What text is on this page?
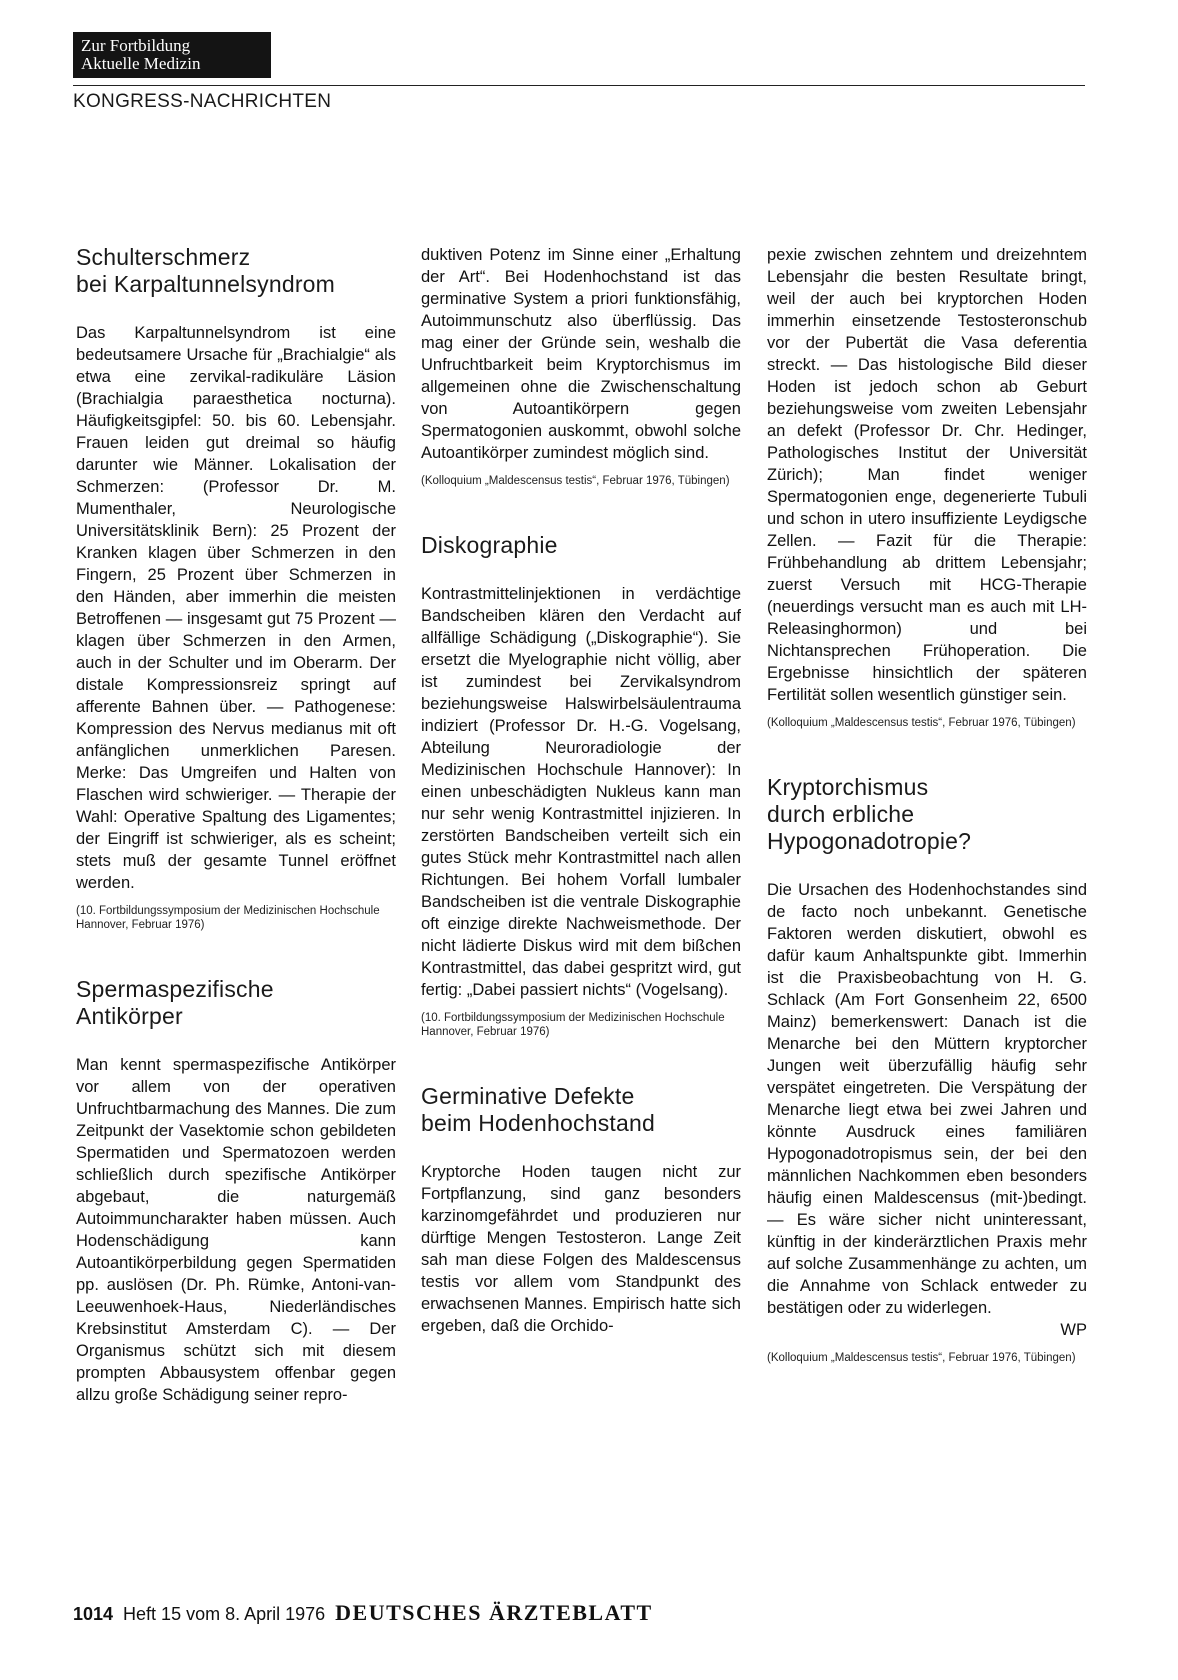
Zur Fortbildung
Aktuelle Medizin
KONGRESS-NACHRICHTEN
Schulterschmerz
bei Karpaltunnelsyndrom

Das Karpaltunnelsyndrom ist eine bedeutsamere Ursache für „Brachialgie“ als etwa eine zervikal-radikuläre Läsion (Brachialgia paraesthetica nocturna). Häufigkeitsgipfel: 50. bis 60. Lebensjahr. Frauen leiden gut dreimal so häufig darunter wie Männer. Lokalisation der Schmerzen: (Professor Dr. M. Mumenthaler, Neurologische Universitätsklinik Bern): 25 Prozent der Kranken klagen über Schmerzen in den Fingern, 25 Prozent über Schmerzen in den Händen, aber immerhin die meisten Betroffenen — insgesamt gut 75 Prozent — klagen über Schmerzen in den Armen, auch in der Schulter und im Oberarm. Der distale Kompressionsreiz springt auf afferente Bahnen über. — Pathogenese: Kompression des Nervus medianus mit oft anfänglichen unmerklichen Paresen. Merke: Das Umgreifen und Halten von Flaschen wird schwieriger. — Therapie der Wahl: Operative Spaltung des Ligamentes; der Eingriff ist schwieriger, als es scheint; stets muß der gesamte Tunnel eröffnet werden.

(10. Fortbildungssymposium der Medizinischen Hochschule Hannover, Februar 1976)

Spermaspezifische
Antikörper

Man kennt spermaspezifische Antikörper vor allem von der operativen Unfruchtbarmachung des Mannes. Die zum Zeitpunkt der Vasektomie schon gebildeten Spermatiden und Spermatozoen werden schließlich durch spezifische Antikörper abgebaut, die naturgemäß Autoimmuncharakter haben müssen. Auch Hodenschädigung kann Autoantikörperbildung gegen Spermatiden pp. auslösen (Dr. Ph. Rümke, Antoni-van-Leeuwenhoek-Haus, Niederländisches Krebsinstitut Amsterdam C). — Der Organismus schützt sich mit diesem prompten Abbausystem offenbar gegen allzu große Schädigung seiner repro-

duktiven Potenz im Sinne einer „Erhaltung der Art“. Bei Hodenhochstand ist das germinative System a priori funktionsfähig, Autoimmunschutz also überflüssig. Das mag einer der Gründe sein, weshalb die Unfruchtbarkeit beim Kryptorchismus im allgemeinen ohne die Zwischenschaltung von Autoantikörpern gegen Spermatogonien auskommt, obwohl solche Autoantikörper zumindest möglich sind.

(Kolloquium „Maldescensus testis“, Februar 1976, Tübingen)

Diskographie

Kontrastmittelinjektionen in verdächtige Bandscheiben klären den Verdacht auf allfällige Schädigung („Diskographie“). Sie ersetzt die Myelographie nicht völlig, aber ist zumindest bei Zervikalsyndrom beziehungsweise Halswirbelsäulentrauma indiziert (Professor Dr. H.-G. Vogelsang, Abteilung Neuroradiologie der Medizinischen Hochschule Hannover): In einen unbeschädigten Nukleus kann man nur sehr wenig Kontrastmittel injizieren. In zerstörten Bandscheiben verteilt sich ein gutes Stück mehr Kontrastmittel nach allen Richtungen. Bei hohem Vorfall lumbaler Bandscheiben ist die ventrale Diskographie oft einzige direkte Nachweismethode. Der nicht lädierte Diskus wird mit dem bißchen Kontrastmittel, das dabei gespritzt wird, gut fertig: „Dabei passiert nichts“ (Vogelsang).

(10. Fortbildungssymposium der Medizinischen Hochschule Hannover, Februar 1976)

Germinative Defekte
beim Hodenhochstand

Kryptorche Hoden taugen nicht zur Fortpflanzung, sind ganz besonders karzinomgefährdet und produzieren nur dürftige Mengen Testosteron. Lange Zeit sah man diese Folgen des Maldescensus testis vor allem vom Standpunkt des erwachsenen Mannes. Empirisch hatte sich ergeben, daß die Orchido-

pexie zwischen zehntem und dreizehntem Lebensjahr die besten Resultate bringt, weil der auch bei kryptorchen Hoden immerhin einsetzende Testosteronschub vor der Pubertät die Vasa deferentia streckt. — Das histologische Bild dieser Hoden ist jedoch schon ab Geburt beziehungsweise vom zweiten Lebensjahr an defekt (Professor Dr. Chr. Hedinger, Pathologisches Institut der Universität Zürich); Man findet weniger Spermatogonien enge, degenerierte Tubuli und schon in utero insuffiziente Leydigsche Zellen. — Fazit für die Therapie: Frühbehandlung ab drittem Lebensjahr; zuerst Versuch mit HCG-Therapie (neuerdings versucht man es auch mit LH-Releasinghormon) und bei Nichtansprechen Frühoperation. Die Ergebnisse hinsichtlich der späteren Fertilität sollen wesentlich günstiger sein.

(Kolloquium „Maldescensus testis“, Februar 1976, Tübingen)

Kryptorchismus
durch erbliche
Hypogonadotropie?

Die Ursachen des Hodenhochstandes sind de facto noch unbekannt. Genetische Faktoren werden diskutiert, obwohl es dafür kaum Anhaltspunkte gibt. Immerhin ist die Praxisbeobachtung von H. G. Schlack (Am Fort Gonsenheim 22, 6500 Mainz) bemerkenswert: Danach ist die Menarche bei den Müttern kryptorcher Jungen weit überzufällig häufig sehr verspätet eingetreten. Die Verspätung der Menarche liegt etwa bei zwei Jahren und könnte Ausdruck eines familiären Hypogonadotropismus sein, der bei den männlichen Nachkommen eben besonders häufig einen Maldescensus (mit-)bedingt. — Es wäre sicher nicht uninteressant, künftig in der kinderärztlichen Praxis mehr auf solche Zusammenhänge zu achten, um die Annahme von Schlack entweder zu bestätigen oder zu widerlegen.
WP

(Kolloquium „Maldescensus testis“, Februar 1976, Tübingen)

1014 Heft 15 vom 8. April 1976 DEUTSCHES ÄRZTEBLATT
